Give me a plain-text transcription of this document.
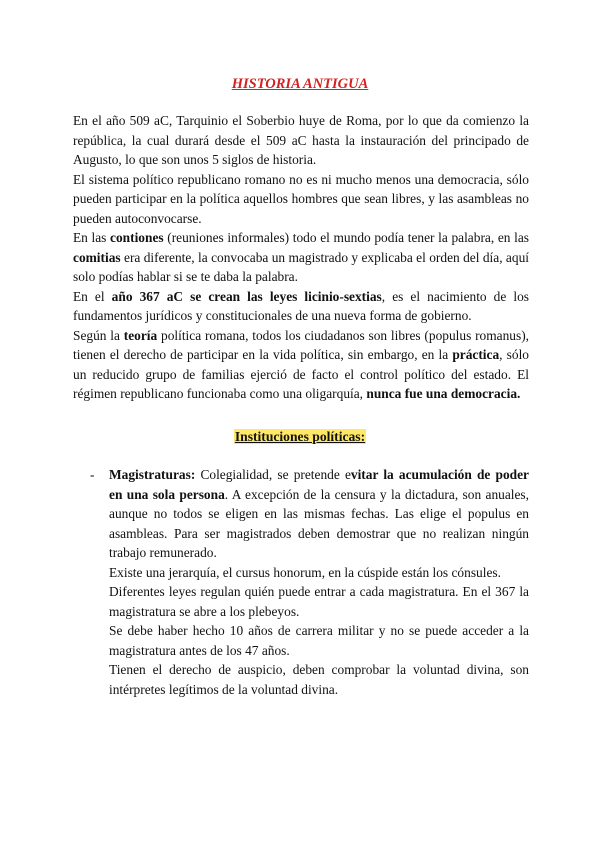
HISTORIA ANTIGUA

En el año 509 aC, Tarquinio el Soberbio huye de Roma, por lo que da comienzo la república, la cual durará desde el 509 aC hasta la instauración del principado de Augusto, lo que son unos 5 siglos de historia.

El sistema político republicano romano no es ni mucho menos una democracia, sólo pueden participar en la política aquellos hombres que sean libres, y las asambleas no pueden autoconvocarse.

En las contiones (reuniones informales) todo el mundo podía tener la palabra, en las comitias era diferente, la convocaba un magistrado y explicaba el orden del día, aquí solo podías hablar si se te daba la palabra.

En el año 367 aC se crean las leyes licinio-sextias, es el nacimiento de los fundamentos jurídicos y constitucionales de una nueva forma de gobierno.

Según la teoría política romana, todos los ciudadanos son libres (populus romanus), tienen el derecho de participar en la vida política, sin embargo, en la práctica, sólo un reducido grupo de familias ejerció de facto el control político del estado. El régimen republicano funcionaba como una oligarquía, nunca fue una democracia.

Instituciones políticas:
- Magistraturas: Colegialidad, se pretende evitar la acumulación de poder en una sola persona. A excepción de la censura y la dictadura, son anuales, aunque no todos se eligen en las mismas fechas. Las elige el populus en asambleas. Para ser magistrados deben demostrar que no realizan ningún trabajo remunerado.

Existe una jerarquía, el cursus honorum, en la cúspide están los cónsules.

Diferentes leyes regulan quién puede entrar a cada magistratura. En el 367 la magistratura se abre a los plebeyos.

Se debe haber hecho 10 años de carrera militar y no se puede acceder a la magistratura antes de los 47 años.

Tienen el derecho de auspicio, deben comprobar la voluntad divina, son intérpretes legítimos de la voluntad divina.
